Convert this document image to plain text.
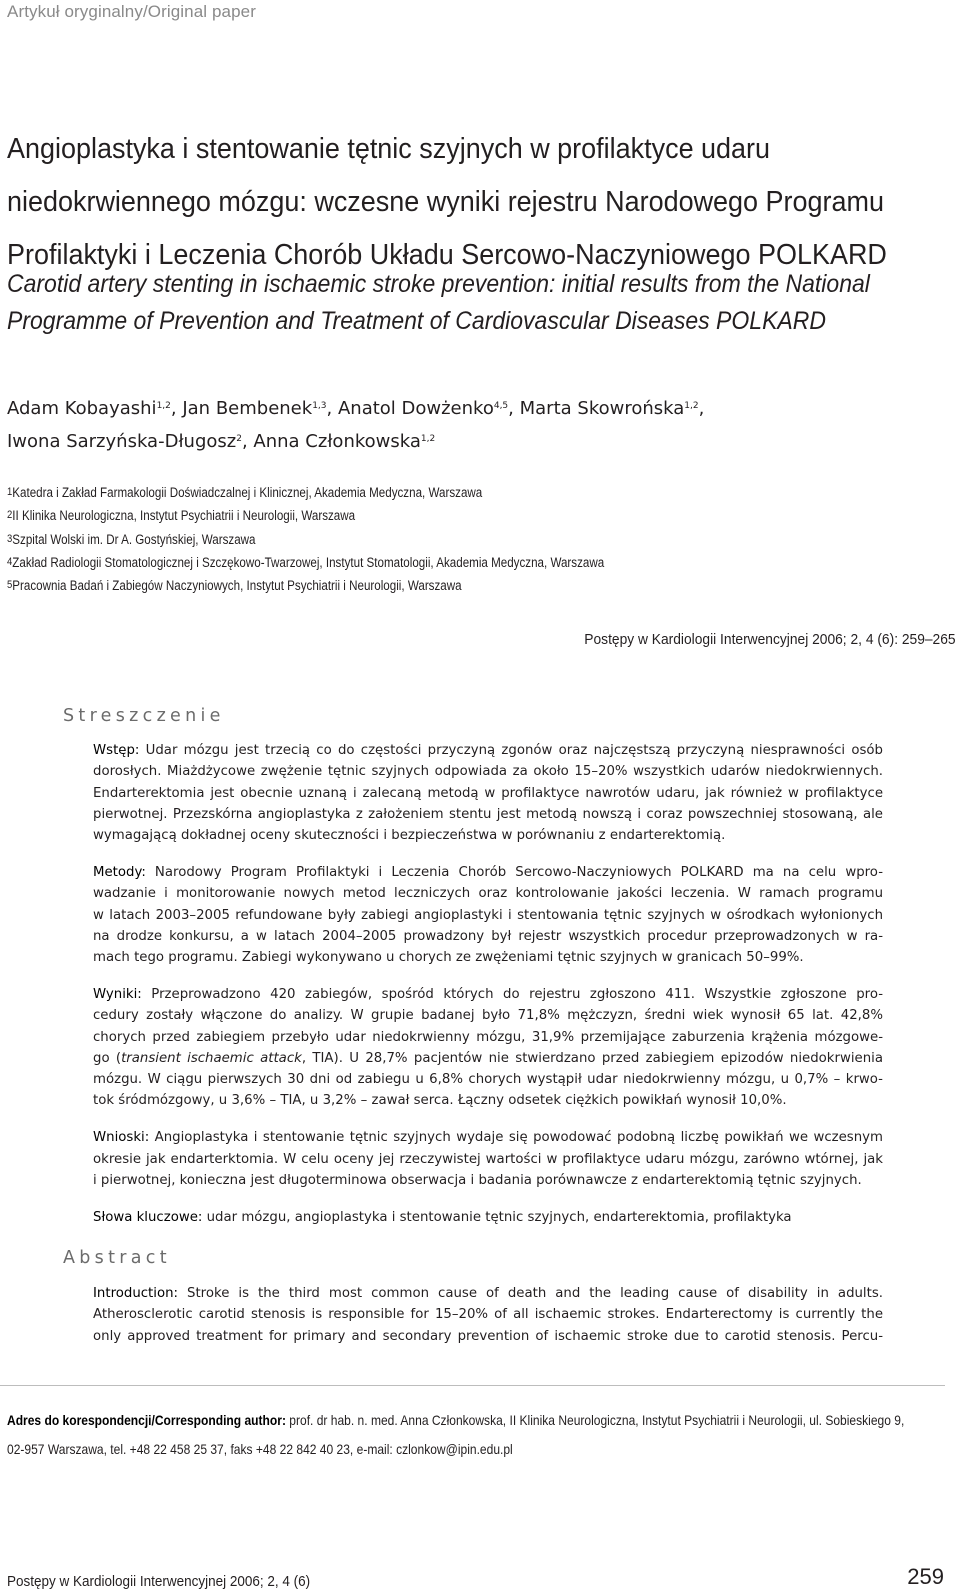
Artykuł oryginalny/Original paper
Angioplastyka i stentowanie tętnic szyjnych w profilaktyce udaru
niedokrwiennego mózgu: wczesne wyniki rejestru Narodowego Programu
Profilaktyki i Leczenia Chorób Układu Sercowo-Naczyniowego POLKARD
Carotid artery stenting in ischaemic stroke prevention: initial results from the National
Programme of Prevention and Treatment of Cardiovascular Diseases POLKARD
Adam Kobayashi$^{1,2}$, Jan Bembenek$^{1,3}$, Anatol Dowżenko$^{4,5}$, Marta Skowrońska$^{1,2}$,
Iwona Sarzyńska-Długosz$^2$, Anna Członkowska$^{1,2}$
$^1$Katedra i Zakład Farmakologii Doświadczalnej i Klinicznej, Akademia Medyczna, Warszawa
$^2$II Klinika Neurologiczna, Instytut Psychiatrii i Neurologii, Warszawa
$^3$Szpital Wolski im. Dr A. Gostyńskiej, Warszawa
$^4$Zakład Radiologii Stomatologicznej i Szczękowo-Twarzowej, Instytut Stomatologii, Akademia Medyczna, Warszawa
$^5$Pracownia Badań i Zabiegów Naczyniowych, Instytut Psychiatrii i Neurologii, Warszawa
Postępy w Kardiologii Interwencyjnej 2006; 2, 4 (6): 259–265
Streszczenie

Wstęp: Udar mózgu jest trzecią co do częstości przyczyną zgonów oraz najczęstszą przyczyną niesprawności osób
dorosłych. Miażdżycowe zwężenie tętnic szyjnych odpowiada za około 15–20% wszystkich udarów niedokrwiennych.
Endarterektomia jest obecnie uznaną i zalecaną metodą w profilaktyce nawrotów udaru, jak również w profilaktyce
pierwotnej. Przezskórna angioplastyka z założeniem stentu jest metodą nowszą i coraz powszechniej stosowaną, ale
wymagającą dokładnej oceny skuteczności i bezpieczeństwa w porównaniu z endarterektomią.

Metody: Narodowy Program Profilaktyki i Leczenia Chorób Sercowo-Naczyniowych POLKARD ma na celu wpro-
wadzanie i monitorowanie nowych metod leczniczych oraz kontrolowanie jakości leczenia. W ramach programu
w latach 2003–2005 refundowane były zabiegi angioplastyki i stentowania tętnic szyjnych w ośrodkach wyłonionych
na drodze konkursu, a w latach 2004–2005 prowadzony był rejestr wszystkich procedur przeprowadzonych w ra-
mach tego programu. Zabiegi wykonywano u chorych ze zwężeniami tętnic szyjnych w granicach 50–99%.

Wyniki: Przeprowadzono 420 zabiegów, spośród których do rejestru zgłoszono 411. Wszystkie zgłoszone pro-
cedury zostały włączone do analizy. W grupie badanej było 71,8% mężczyzn, średni wiek wynosił 65 lat. 42,8%
chorych przed zabiegiem przebyło udar niedokrwienny mózgu, 31,9% przemijające zaburzenia krążenia mózgowe-
go (transient ischaemic attack, TIA). U 28,7% pacjentów nie stwierdzano przed zabiegiem epizodów niedokrwienia
mózgu. W ciągu pierwszych 30 dni od zabiegu u 6,8% chorych wystąpił udar niedokrwienny mózgu, u 0,7% – krwo-
tok śródmózgowy, u 3,6% – TIA, u 3,2% – zawał serca. Łączny odsetek ciężkich powikłań wynosił 10,0%.

Wnioski: Angioplastyka i stentowanie tętnic szyjnych wydaje się powodować podobną liczbę powikłań we wczesnym
okresie jak endarterktomia. W celu oceny jej rzeczywistej wartości w profilaktyce udaru mózgu, zarówno wtórnej, jak
i pierwotnej, konieczna jest długoterminowa obserwacja i badania porównawcze z endarterektomią tętnic szyjnych.

Słowa kluczowe: udar mózgu, angioplastyka i stentowanie tętnic szyjnych, endarterektomia, profilaktyka

Abstract

Introduction: Stroke is the third most common cause of death and the leading cause of disability in adults.
Atherosclerotic carotid stenosis is responsible for 15–20% of all ischaemic strokes. Endarterectomy is currently the
only approved treatment for primary and secondary prevention of ischaemic stroke due to carotid stenosis. Percu-

Adres do korespondencji/Corresponding author: prof. dr hab. n. med. Anna Członkowska, II Klinika Neurologiczna, Instytut Psychiatrii i Neurologii, ul. Sobieskiego 9,
02-957 Warszawa, tel. +48 22 458 25 37, faks +48 22 842 40 23, e-mail: czlonkow@ipin.edu.pl
Postępy w Kardiologii Interwencyjnej 2006; 2, 4 (6)	259
